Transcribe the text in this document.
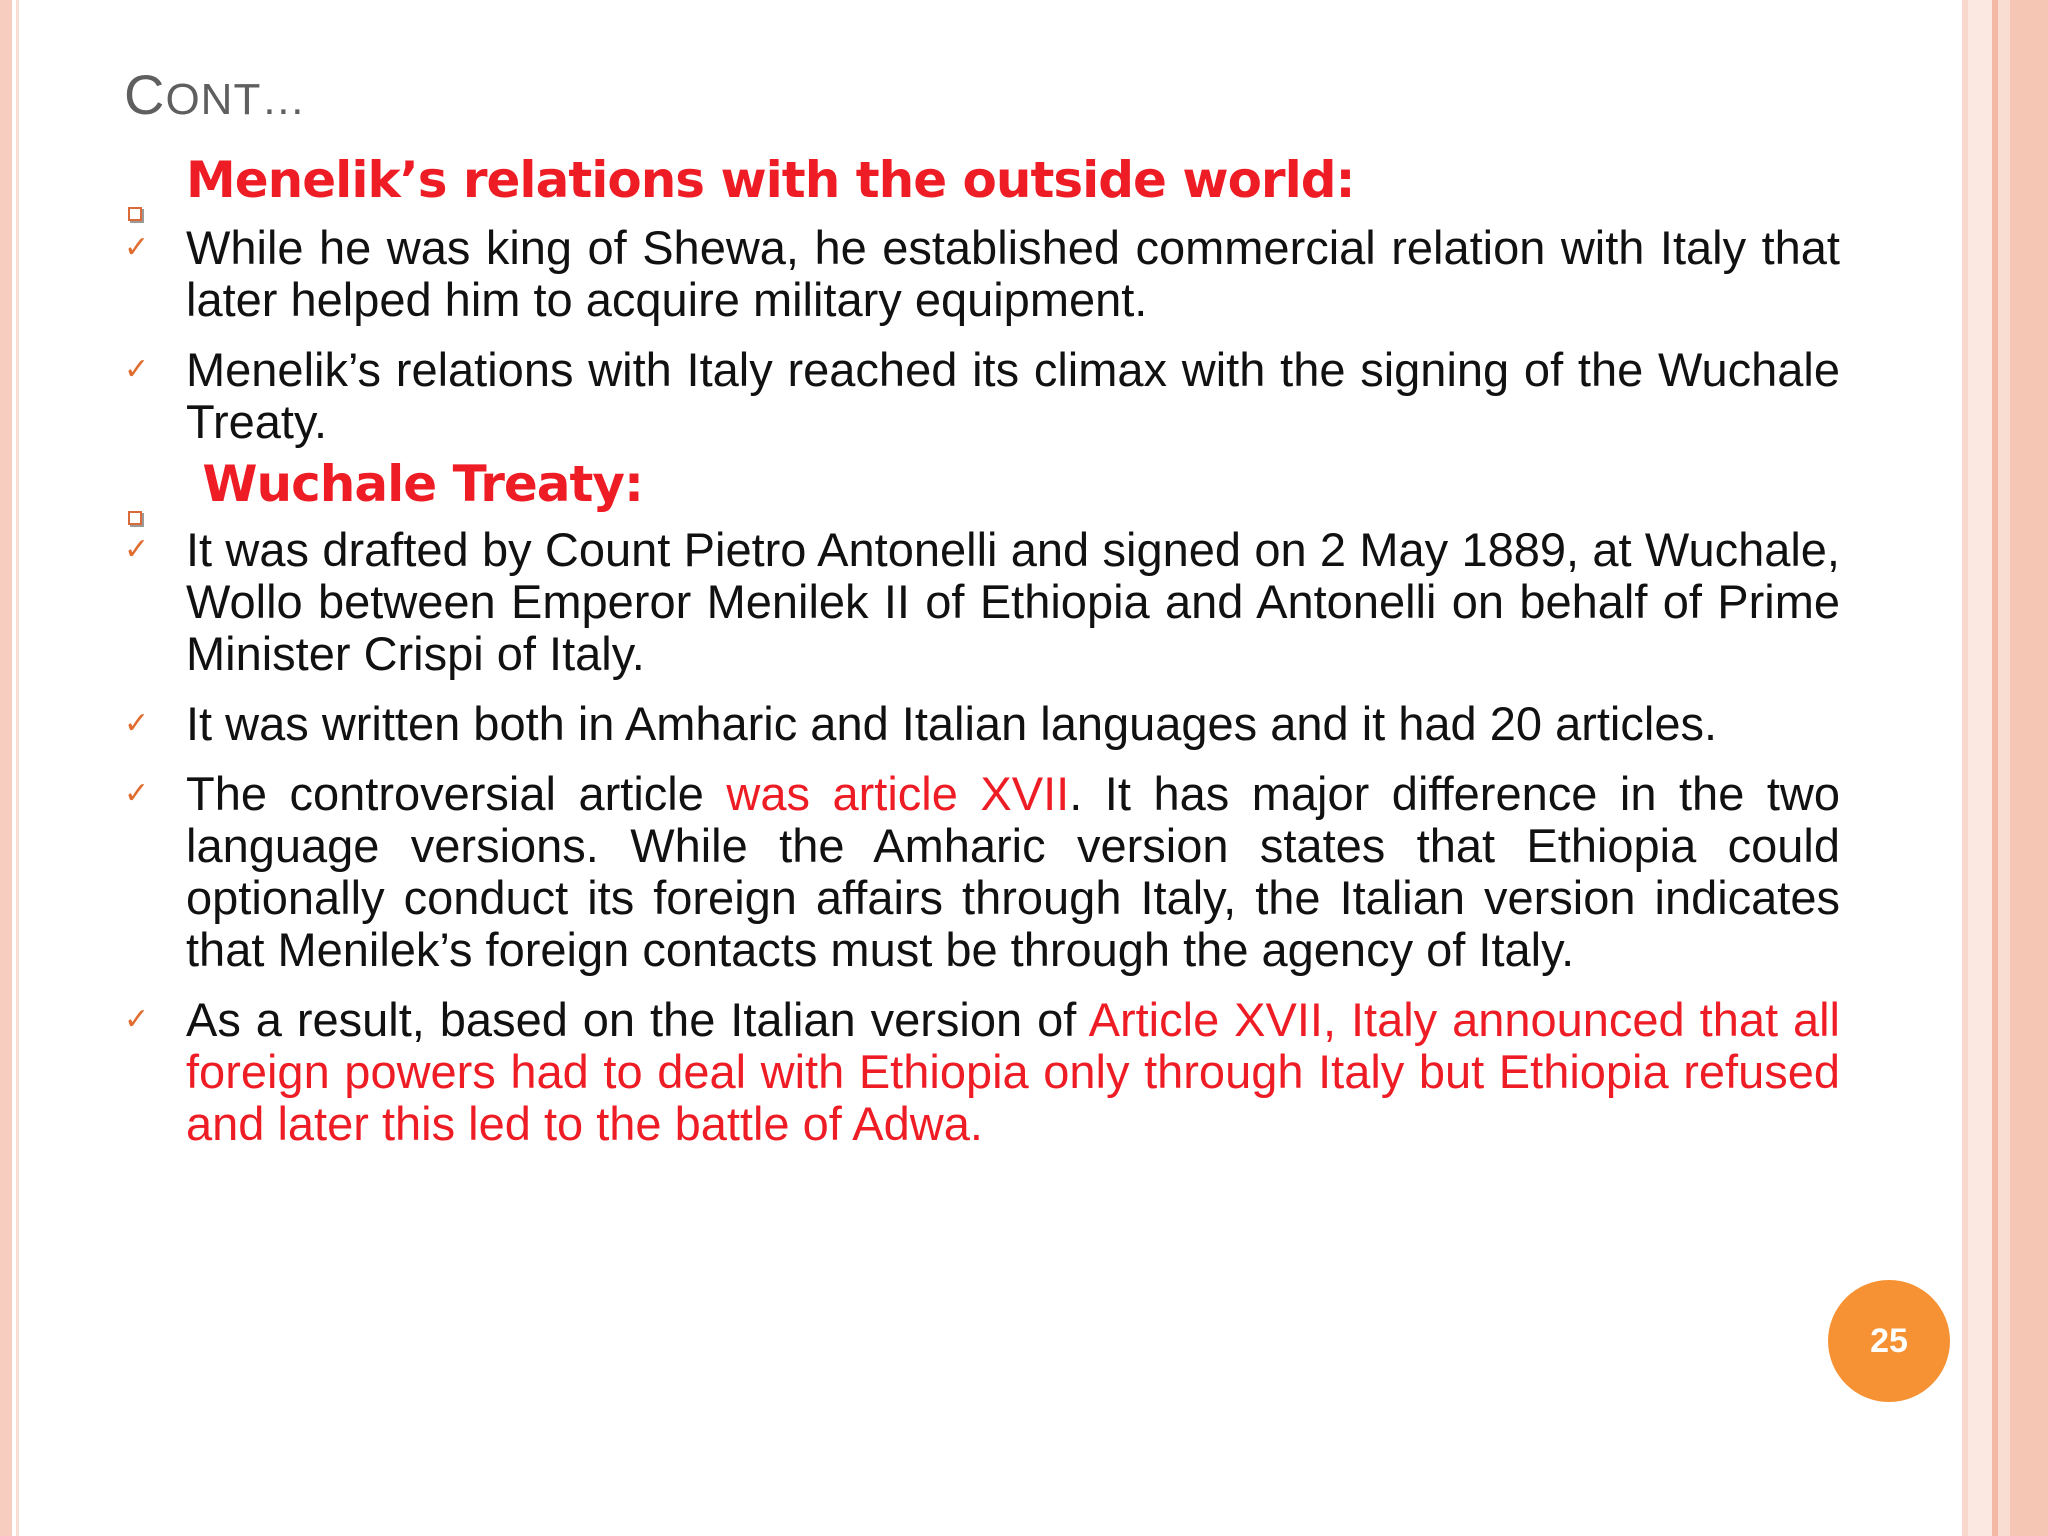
CONT…
Menelik’s relations with the outside world:
✓ While he was king of Shewa, he established commercial relation with Italy that later helped him to acquire military equipment.
✓ Menelik’s relations with Italy reached its climax with the signing of the Wuchale Treaty.
Wuchale Treaty:
✓ It was drafted by Count Pietro Antonelli and signed on 2 May 1889, at Wuchale, Wollo between Emperor Menilek II of Ethiopia and Antonelli on behalf of Prime Minister Crispi of Italy.
✓ It was written both in Amharic and Italian languages and it had 20 articles.
✓ The controversial article was article XVII. It has major difference in the two language versions. While the Amharic version states that Ethiopia could optionally conduct its foreign affairs through Italy, the Italian version indicates that Menilek’s foreign contacts must be through the agency of Italy.
✓ As a result, based on the Italian version of Article XVII, Italy announced that all foreign powers had to deal with Ethiopia only through Italy but Ethiopia refused and later this led to the battle of Adwa.
25
